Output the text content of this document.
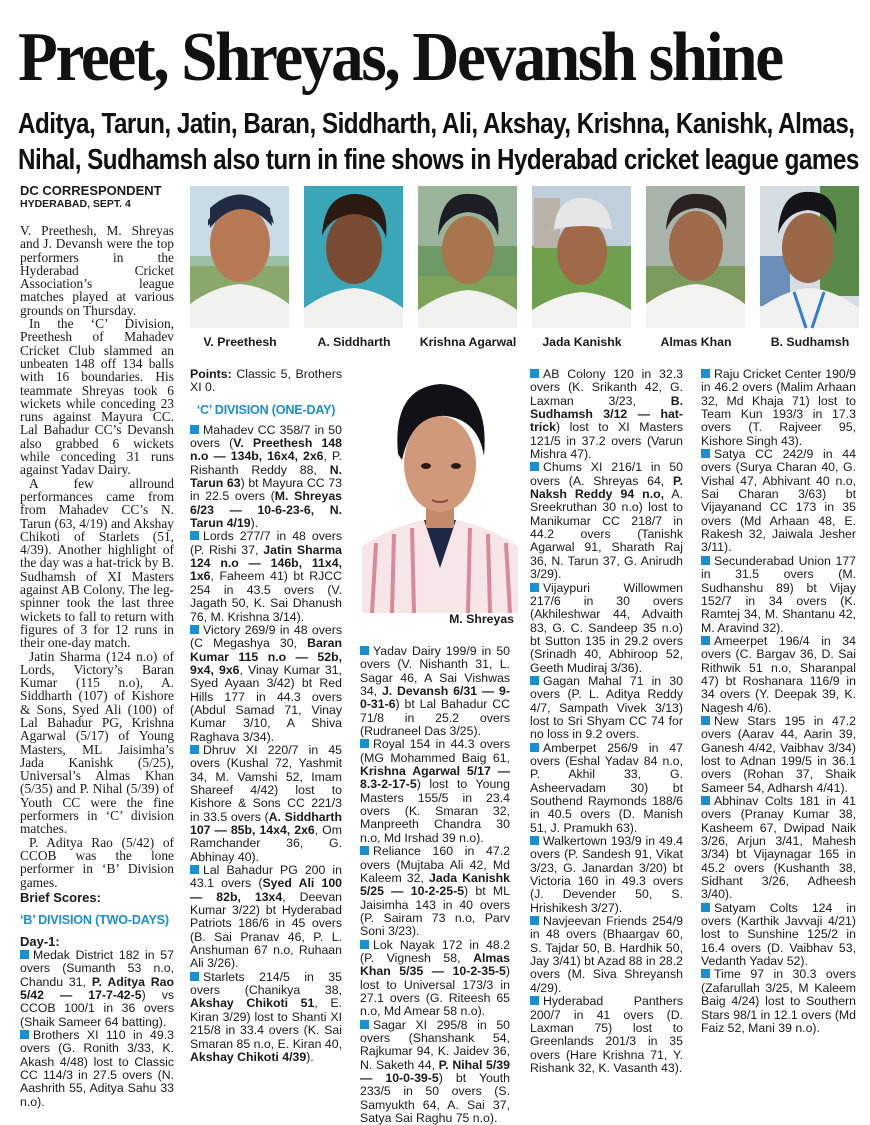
Preet, Shreyas, Devansh shine
Aditya, Tarun, Jatin, Baran, Siddharth, Ali, Akshay, Krishna, Kanishk, Almas,
Nihal, Sudhamsh also turn in fine shows in Hyderabad cricket league games
DC CORRESPONDENT
HYDERABAD, SEPT. 4
V. Preethesh	A. Siddharth	Krishna Agarwal	Jada Kanishk	Almas Khan	B. Sudhamsh
M. Shreyas

V. Preethesh, M. Shreyas and J. Devansh were the top performers in the Hyderabad Cricket Association’s league matches played at various grounds on Thursday.

In the ‘C’ Division, Preethesh of Mahadev Cricket Club slammed an unbeaten 148 off 134 balls with 16 boundaries. His teammate Shreyas took 6 wickets while conceding 23 runs against Mayura CC. Lal Bahadur CC’s Devansh also grabbed 6 wickets while conceding 31 runs against Yadav Dairy.

A few allround performances came from from Mahadev CC’s N. Tarun (63, 4/19) and Akshay Chikoti of Starlets (51, 4/39). Another highlight of the day was a hat-trick by B. Sudhamsh of XI Masters against AB Colony. The leg-spinner took the last three wickets to fall to return with figures of 3 for 12 runs in their one-day match.

Jatin Sharma (124 n.o) of Lords, Victory’s Baran Kumar (115 n.o), A. Siddharth (107) of Kishore & Sons, Syed Ali (100) of Lal Bahadur PG, Krishna Agarwal (5/17) of Young Masters, ML Jaisimha’s Jada Kanishk (5/25), Universal’s Almas Khan (5/35) and P. Nihal (5/39) of Youth CC were the fine performers in ‘C’ division matches.

P. Aditya Rao (5/42) of CCOB was the lone performer in ‘B’ Division games.

Brief Scores:
‘B’ DIVISION (TWO-DAYS)
Day-1:

Medak District 182 in 57 overs (Sumanth 53 n.o, Chandu 31, P. Aditya Rao 5/42 — 17-7-42-5) vs CCOB 100/1 in 36 overs (Shaik Sameer 64 batting).

Brothers XI 110 in 49.3 overs (G. Ronith 3/33, K. Akash 4/48) lost to Classic CC 114/3 in 27.5 overs (N. Aashrith 55, Aditya Sahu 33 n.o).

Points: Classic 5, Brothers XI 0.

‘C’ DIVISION (ONE-DAY)

Mahadev CC 358/7 in 50 overs (V. Preethesh 148 n.o — 134b, 16x4, 2x6, P. Rishanth Reddy 88, N. Tarun 63) bt Mayura CC 73 in 22.5 overs (M. Shreyas 6/23 — 10-6-23-6, N. Tarun 4/19).

Lords 277/7 in 48 overs (P. Rishi 37, Jatin Sharma 124 n.o — 146b, 11x4, 1x6, Faheem 41) bt RJCC 254 in 43.5 overs (V. Jagath 50, K. Sai Dhanush 76, M. Krishna 3/14).

Victory 269/9 in 48 overs (C Megashya 30, Baran Kumar 115 n.o — 52b, 9x4, 9x6, Vinay Kumar 31, Syed Ayaan 3/42) bt Red Hills 177 in 44.3 overs (Abdul Samad 71, Vinay Kumar 3/10, A Shiva Raghava 3/34).

Dhruv XI 220/7 in 45 overs (Kushal 72, Yashmit 34, M. Vamshi 52, Imam Shareef 4/42) lost to Kishore & Sons CC 221/3 in 33.5 overs (A. Siddharth 107 — 85b, 14x4, 2x6, Om Ramchander 36, G. Abhinay 40).

Lal Bahadur PG 200 in 43.1 overs (Syed Ali 100 — 82b, 13x4, Deevan Kumar 3/22) bt Hyderabad Patriots 186/6 in 45 overs (B. Sai Pranav 46, P. L. Anshuman 67 n.o, Ruhaan Ali 3/26).

Starlets 214/5 in 35 overs (Chanikya 38, Akshay Chikoti 51, E. Kiran 3/29) lost to Shanti XI 215/8 in 33.4 overs (K. Sai Smaran 85 n.o, E. Kiran 40, Akshay Chikoti 4/39).

Yadav Dairy 199/9 in 50 overs (V. Nishanth 31, L. Sagar 46, A Sai Vishwas 34, J. Devansh 6/31 — 9-0-31-6) bt Lal Bahadur CC 71/8 in 25.2 overs (Rudraneel Das 3/25).

Royal 154 in 44.3 overs (MG Mohammed Baig 61, Krishna Agarwal 5/17 — 8.3-2-17-5) lost to Young Masters 155/5 in 23.4 overs (K. Smaran 32, Manpreeth Chandra 30 n.o, Md Irshad 39 n.o).

Reliance 160 in 47.2 overs (Mujtaba Ali 42, Md Kaleem 32, Jada Kanishk 5/25 — 10-2-25-5) bt ML Jaisimha 143 in 40 overs (P. Sairam 73 n.o, Parv Soni 3/23).

Lok Nayak 172 in 48.2 (P. Vignesh 58, Almas Khan 5/35 — 10-2-35-5) lost to Universal 173/3 in 27.1 overs (G. Riteesh 65 n.o, Md Amear 58 n.o).

Sagar XI 295/8 in 50 overs (Shanshank 54, Rajkumar 94, K. Jaidev 36, N. Saketh 44, P. Nihal 5/39 — 10-0-39-5) bt Youth 233/5 in 50 overs (S. Samyukth 64, A. Sai 37, Satya Sai Raghu 75 n.o).

AB Colony 120 in 32.3 overs (K. Srikanth 42, G. Laxman 3/23, B. Sudhamsh 3/12 — hat-trick) lost to XI Masters 121/5 in 37.2 overs (Varun Mishra 47).

Chums XI 216/1 in 50 overs (A. Shreyas 64, P. Naksh Reddy 94 n.o, A. Sreekruthan 30 n.o) lost to Manikumar CC 218/7 in 44.2 overs (Tanishk Agarwal 91, Sharath Raj 36, N. Tarun 37, G. Anirudh 3/29).

Vijaypuri Willowmen 217/6 in 30 overs (Akhileshwar 44, Advaith 83, G. C. Sandeep 35 n.o) bt Sutton 135 in 29.2 overs (Srinadh 40, Abhiroop 52, Geeth Mudiraj 3/36).

Gagan Mahal 71 in 30 overs (P. L. Aditya Reddy 4/7, Sampath Vivek 3/13) lost to Sri Shyam CC 74 for no loss in 9.2 overs.

Amberpet 256/9 in 47 overs (Eshal Yadav 84 n.o, P. Akhil 33, G. Asheervadam 30) bt Southend Raymonds 188/6 in 40.5 overs (D. Manish 51, J. Pramukh 63).

Walkertown 193/9 in 49.4 overs (P. Sandesh 91, Vikat 3/23, G. Janardan 3/20) bt Victoria 160 in 49.3 overs (J. Devender 50, S. Hrishikesh 3/27).

Navjeevan Friends 254/9 in 48 overs (Bhaargav 60, S. Tajdar 50, B. Hardhik 50, Jay 3/41) bt Azad 88 in 28.2 overs (M. Siva Shreyansh 4/29).

Hyderabad Panthers 200/7 in 41 overs (D. Laxman 75) lost to Greenlands 201/3 in 35 overs (Hare Krishna 71, Y. Rishank 32, K. Vasanth 43).

Raju Cricket Center 190/9 in 46.2 overs (Malim Arhaan 32, Md Khaja 71) lost to Team Kun 193/3 in 17.3 overs (T. Rajveer 95, Kishore Singh 43).

Satya CC 242/9 in 44 overs (Surya Charan 40, G. Vishal 47, Abhivant 40 n.o, Sai Charan 3/63) bt Vijayanand CC 173 in 35 overs (Md Arhaan 48, E. Rakesh 32, Jaiwala Jesher 3/11).

Secunderabad Union 177 in 31.5 overs (M. Sudhanshu 89) bt Vijay 152/7 in 34 overs (K. Ramtej 34, M. Shantanu 42, M. Aravind 32).

Ameerpet 196/4 in 34 overs (C. Bargav 36, D. Sai Rithwik 51 n.o, Sharanpal 47) bt Roshanara 116/9 in 34 overs (Y. Deepak 39, K. Nagesh 4/6).

New Stars 195 in 47.2 overs (Aarav 44, Aarin 39, Ganesh 4/42, Vaibhav 3/34) lost to Adnan 199/5 in 36.1 overs (Rohan 37, Shaik Sameer 54, Adharsh 4/41).

Abhinav Colts 181 in 41 overs (Pranay Kumar 38, Kasheem 67, Dwipad Naik 3/26, Arjun 3/41, Mahesh 3/34) bt Vijaynagar 165 in 45.2 overs (Kushanth 38, Sidhant 3/26, Adheesh 3/40).

Satyam Colts 124 in overs (Karthik Javvaji 4/21) lost to Sunshine 125/2 in 16.4 overs (D. Vaibhav 53, Vedanth Yadav 52).

Time 97 in 30.3 overs (Zafarullah 3/25, M Kaleem Baig 4/24) lost to Southern Stars 98/1 in 12.1 overs (Md Faiz 52, Mani 39 n.o).
